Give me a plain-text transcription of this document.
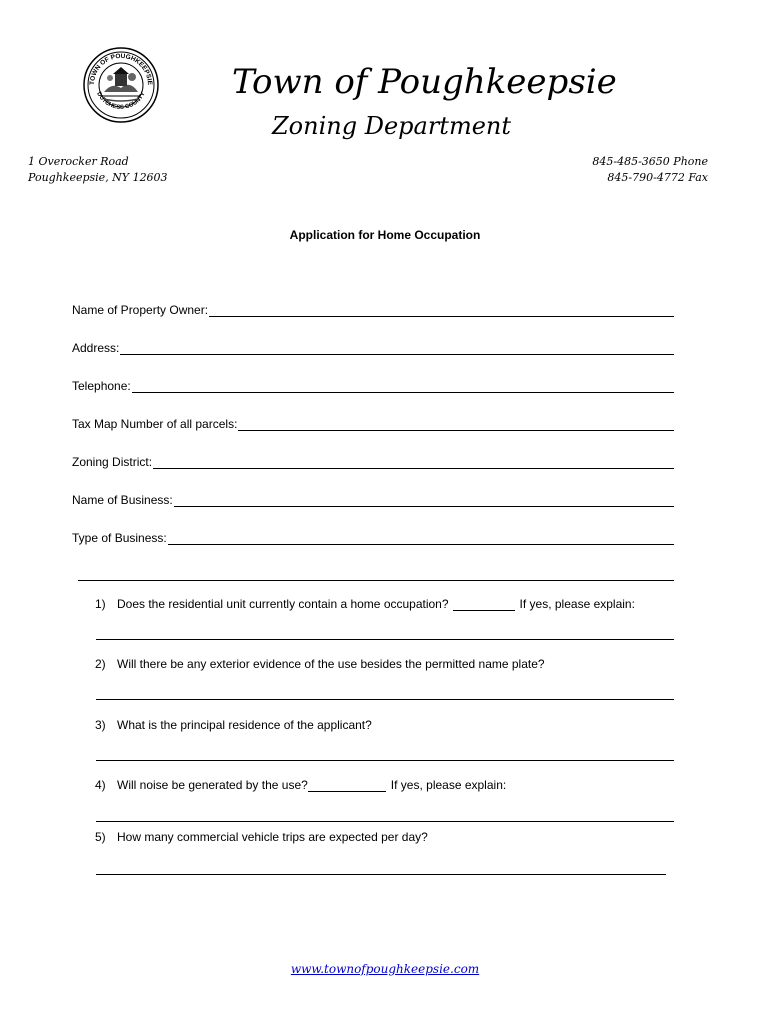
TOWN OF POUGHKEEPSIE
DUTCHESS COUNTY	Town of Poughkeepsie
Zoning Department
1 Overocker Road
Poughkeepsie, NY 12603
845-485-3650 Phone
845-790-4772 Fax
Application for Home Occupation
Name of Property Owner:
Address:
Telephone:
Tax Map Number of all parcels:
Zoning District:
Name of Business:
Type of Business:
1) Does the residential unit currently contain a home occupation?	If yes, please explain:
2) Will there be any exterior evidence of the use besides the permitted name plate?
3) What is the principal residence of the applicant?
4) Will noise be generated by the use?	If yes, please explain:
5) How many commercial vehicle trips are expected per day?
www.townofpoughkeepsie.com
